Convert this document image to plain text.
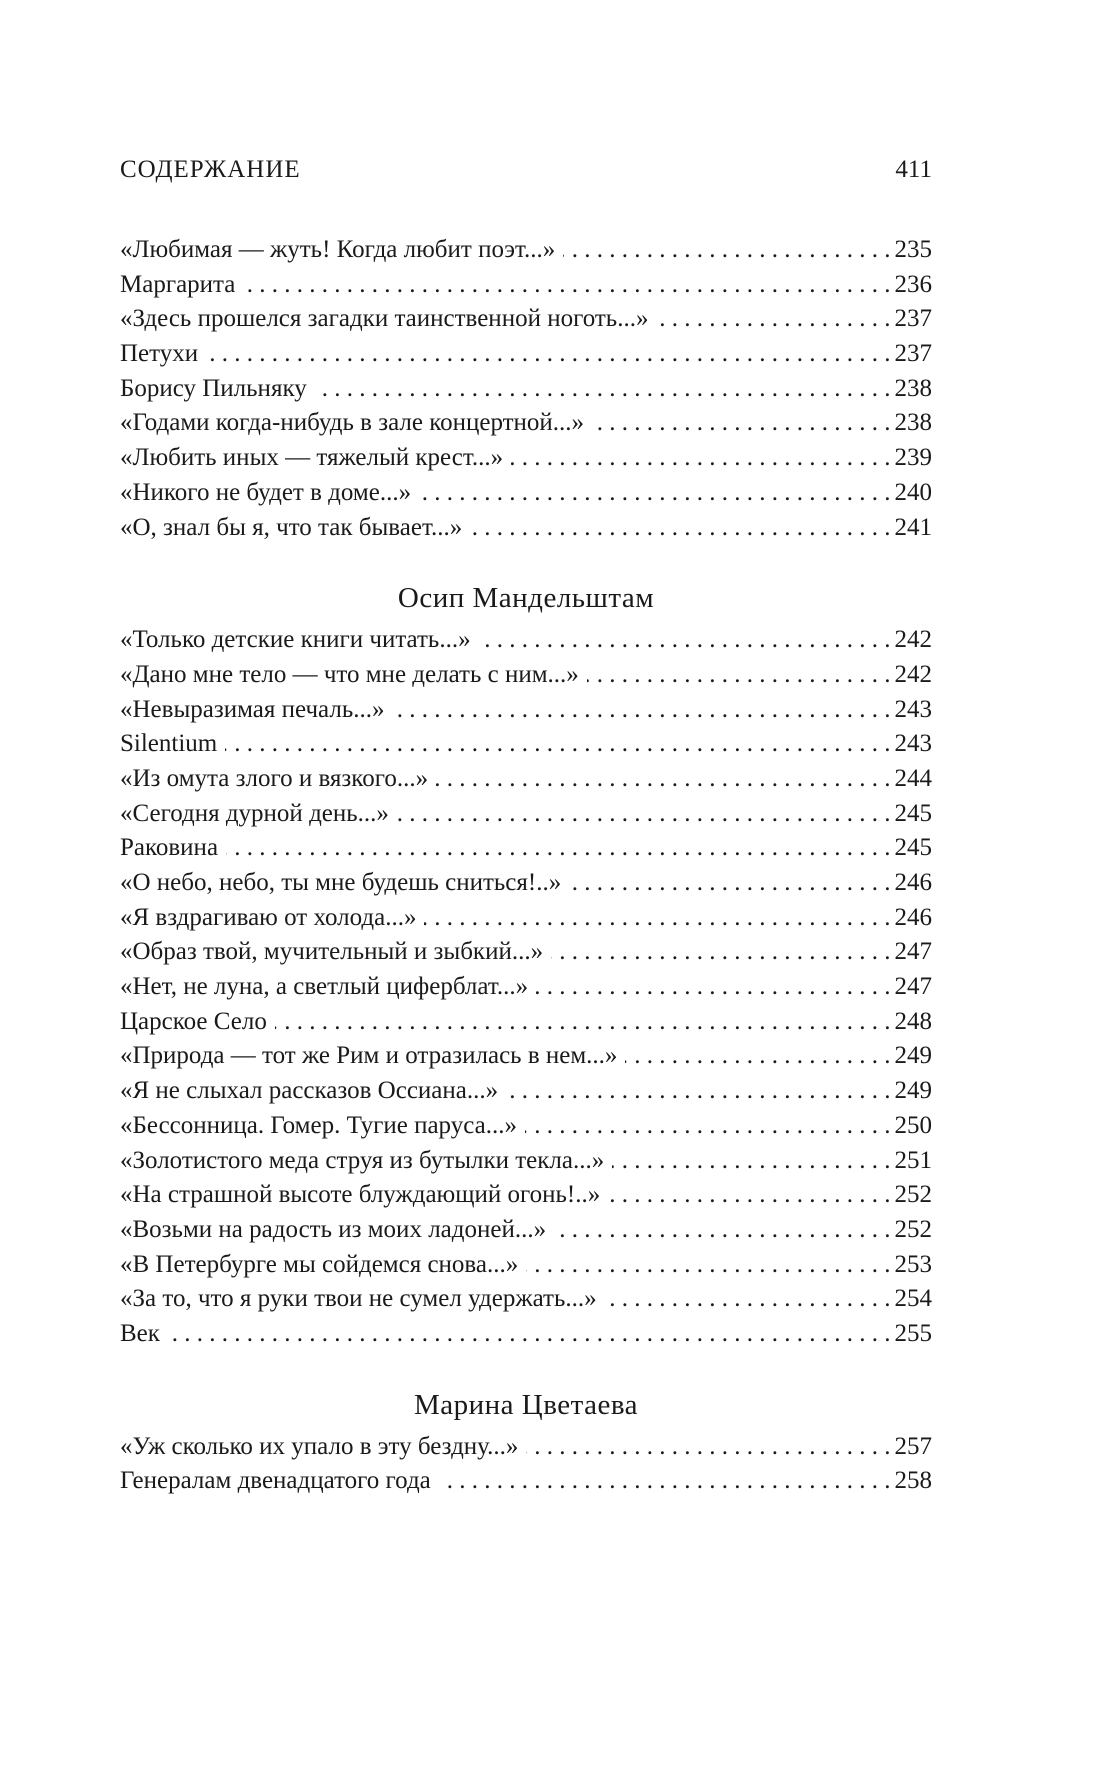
СОДЕРЖАНИЕ	411
«Любимая — жуть! Когда любит поэт...» . . .	235
Маргарита . . .	236
«Здесь прошелся загадки таинственной ноготь...» . . .	237
Петухи . . .	237
Борису Пильняку . . .	238
«Годами когда-нибудь в зале концертной...» . . .	238
«Любить иных — тяжелый крест...» . . .	239
«Никого не будет в доме...» . . .	240
«О, знал бы я, что так бывает...» . . .	241
Осип Мандельштам
«Только детские книги читать...» . . .	242
«Дано мне тело — что мне делать с ним...» . . .	242
«Невыразимая печаль...» . . .	243
Silentium . . .	243
«Из омута злого и вязкого...» . . .	244
«Сегодня дурной день...» . . .	245
Раковина . . .	245
«О небо, небо, ты мне будешь сниться!..» . . .	246
«Я вздрагиваю от холода...» . . .	246
«Образ твой, мучительный и зыбкий...» . . .	247
«Нет, не луна, а светлый циферблат...» . . .	247
Царское Село . . .	248
«Природа — тот же Рим и отразилась в нем...» . . .	249
«Я не слыхал рассказов Оссиана...» . . .	249
«Бессонница. Гомер. Тугие паруса...» . . .	250
«Золотистого меда струя из бутылки текла...» . . .	251
«На страшной высоте блуждающий огонь!..» . . .	252
«Возьми на радость из моих ладоней...» . . .	252
«В Петербурге мы сойдемся снова...» . . .	253
«За то, что я руки твои не сумел удержать...» . . .	254
Век . . .	255
Марина Цветаева
«Уж сколько их упало в эту бездну...» . . .	257
Генералам двенадцатого года . . .	258
